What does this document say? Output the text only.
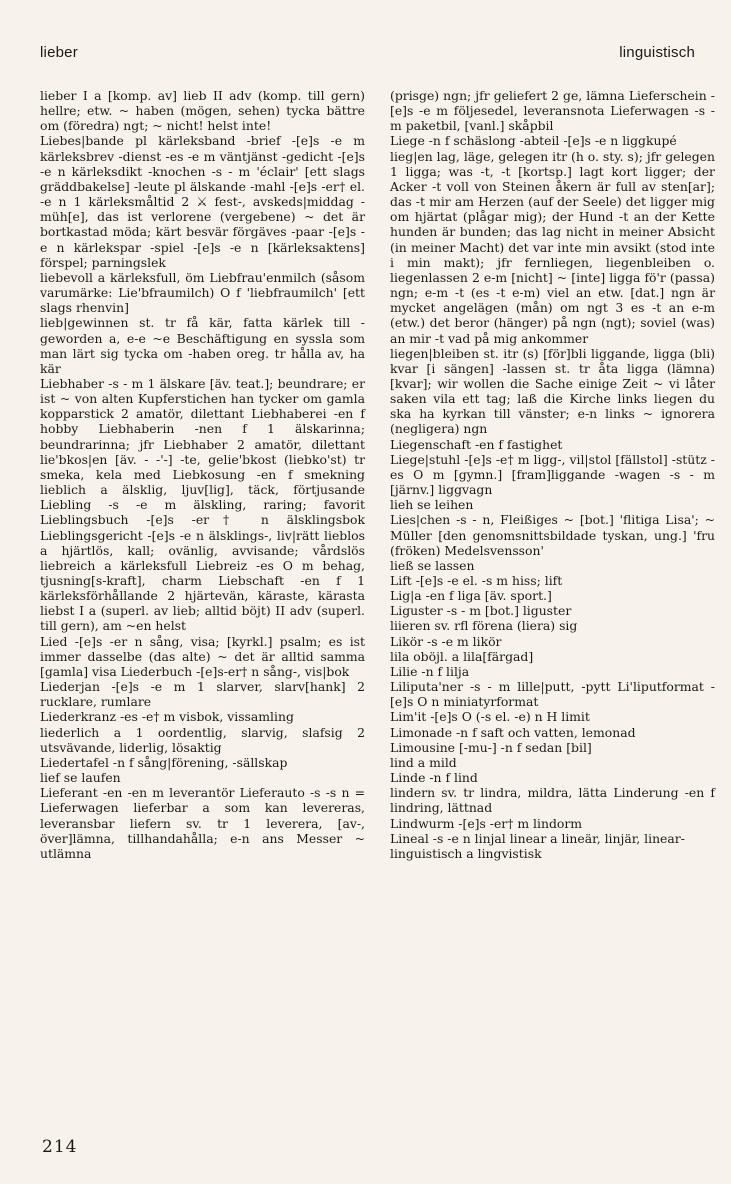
lieber	linguistisch

lieber I a [komp. av] lieb II adv (komp. till gern) hellre; etw. ~ haben (mögen, sehen) tycka bättre om (föredra) ngt; ~ nicht! helst inte!

Liebes|bande pl kärleksband -brief -[e]s -e m kärleksbrev -dienst -es -e m väntjänst -gedicht -[e]s -e n kärleksdikt -knochen -s - m 'éclair' [ett slags gräddbakelse] -leute pl älskande -mahl -[e]s -er† el. -e n 1 kärleksmåltid 2 ⚔ fest-, avskeds|middag -müh[e], das ist verlorene (vergebene) ~ det är bortkastad möda; kärt besvär förgäves -paar -[e]s -e n kärlekspar -spiel -[e]s -e n [kärleksaktens] förspel; parningslek

liebevoll a kärleksfull, öm Liebfrau'enmilch (såsom varumärke: Lie'bfraumilch) O f 'liebfraumilch' [ett slags rhenvin]

lieb|gewinnen st. tr få kär, fatta kärlek till -geworden a, e-e ~e Beschäftigung en syssla som man lärt sig tycka om -haben oreg. tr hålla av, ha kär

Liebhaber -s - m 1 älskare [äv. teat.]; beundrare; er ist ~ von alten Kupferstichen han tycker om gamla kopparstick 2 amatör, dilettant Liebhaberei -en f hobby Liebhaberin -nen f 1 älskarinna; beundrarinna; jfr Liebhaber 2 amatör, dilettant lie'bkos|en [äv. - -'-] -te, gelie'bkost (liebko'st) tr smeka, kela med Liebkosung -en f smekning lieblich a älsklig, ljuv[lig], täck, förtjusande Liebling -s -e m älskling, raring; favorit Lieblingsbuch -[e]s -er† n älsklingsbok Lieblingsgericht -[e]s -e n älsklings-, liv|rätt lieblos a hjärtlös, kall; ovänlig, avvisande; vårdslös liebreich a kärleksfull Liebreiz -es O m behag, tjusning[s-kraft], charm Liebschaft -en f 1 kärleksförhållande 2 hjärtevän, käraste, kärastа liebst I a (superl. av lieb; alltid böjt) II adv (superl. till gern), am ~en helst

Lied -[e]s -er n sång, visa; [kyrkl.] psalm; es ist immer dasselbe (das alte) ~ det är alltid samma [gamla] visa Liederbuch -[e]s-er† n sång-, vis|bok

Liederjan -[e]s -e m 1 slarver, slarv[hank] 2 rucklare, rumlare

Liederkranz -es -e† m visbok, vissamling

liederlich a 1 oordentlig, slarvig, slafsig 2 utsvävande, liderlig, lösaktig

Liedertafel -n f sång|förening, -sällskap

lief se laufen

Lieferant -en -en m leverantör Lieferauto -s -s n = Lieferwagen lieferbar a som kan levereras, leveransbar liefern sv. tr 1 leverera, [av-, över]lämna, tillhandahålla; e-n ans Messer ~ utlämna

(prisge) ngn; jfr geliefert 2 ge, lämna Lieferschein -[e]s -e m följesedel, leveransnota Lieferwagen -s - m paketbil, [vanl.] skåpbil

Liege -n f schäslong -abteil -[e]s -e n liggkupé

lieg|en lag, läge, gelegen itr (h o. sty. s); jfr gelegen 1 ligga; was -t, -t [kortsp.] lagt kort ligger; der Acker -t voll von Steinen åkern är full av sten[ar]; das -t mir am Herzen (auf der Seele) det ligger mig om hjärtat (plågar mig); der Hund -t an der Kette hunden är bunden; das lag nicht in meiner Absicht (in meiner Macht) det var inte min avsikt (stod inte i min makt); jfr fernliegen, liegenbleiben o. liegenlassen 2 e-m [nicht] ~ [inte] ligga fö'r (passa) ngn; e-m -t (es -t e-m) viel an etw. [dat.] ngn är mycket angelägen (mån) om ngt 3 es -t an e-m (etw.) det beror (hänger) på ngn (ngt); soviel (was) an mir -t vad på mig ankommer

liegen|bleiben st. itr (s) [för]bli liggande, ligga (bli) kvar [i sängen] -lassen st. tr åta ligga (lämna) [kvar]; wir wollen die Sache einige Zeit ~ vi låter saken vila ett tag; laß die Kirche links liegen du ska ha kyrkan till vänster; e-n links ~ ignorera (negligera) ngn

Liegenschaft -en f fastighet

Liege|stuhl -[e]s -e† m ligg-, vil|stol [fällstol] -stütz -es O m [gymn.] [fram]liggande -wagen -s - m [järnv.] liggvagn

lieh se leihen

Lies|chen -s - n, Fleißiges ~ [bot.] 'flitiga Lisa'; ~ Müller [den genomsnittsbildade tyskan, ung.] 'fru (fröken) Medelsvensson'

ließ se lassen

Lift -[e]s -e el. -s m hiss; lift

Lig|a -en f liga [äv. sport.]

Liguster -s - m [bot.] liguster

liieren sv. rfl förena (liera) sig

Likör -s -e m likör

lila oböjl. a lila[färgad]

Lilie -n f lilja

Liliputa'ner -s - m lille|putt, -pytt Li'liputformat -[e]s O n miniatyrformat

Lim'it -[e]s O (-s el. -e) n H limit

Limonade -n f saft och vatten, lemonad

Limousine [-mu-] -n f sedan [bil]

lind a mild

Linde -n f lind

lindern sv. tr lindra, mildra, lätta Linderung -en f lindring, lättnad

Lindwurm -[e]s -er† m lindorm

Lineal -s -e n linjal linear a lineär, linjär, linear-

linguistisch a lingvistisk

214
